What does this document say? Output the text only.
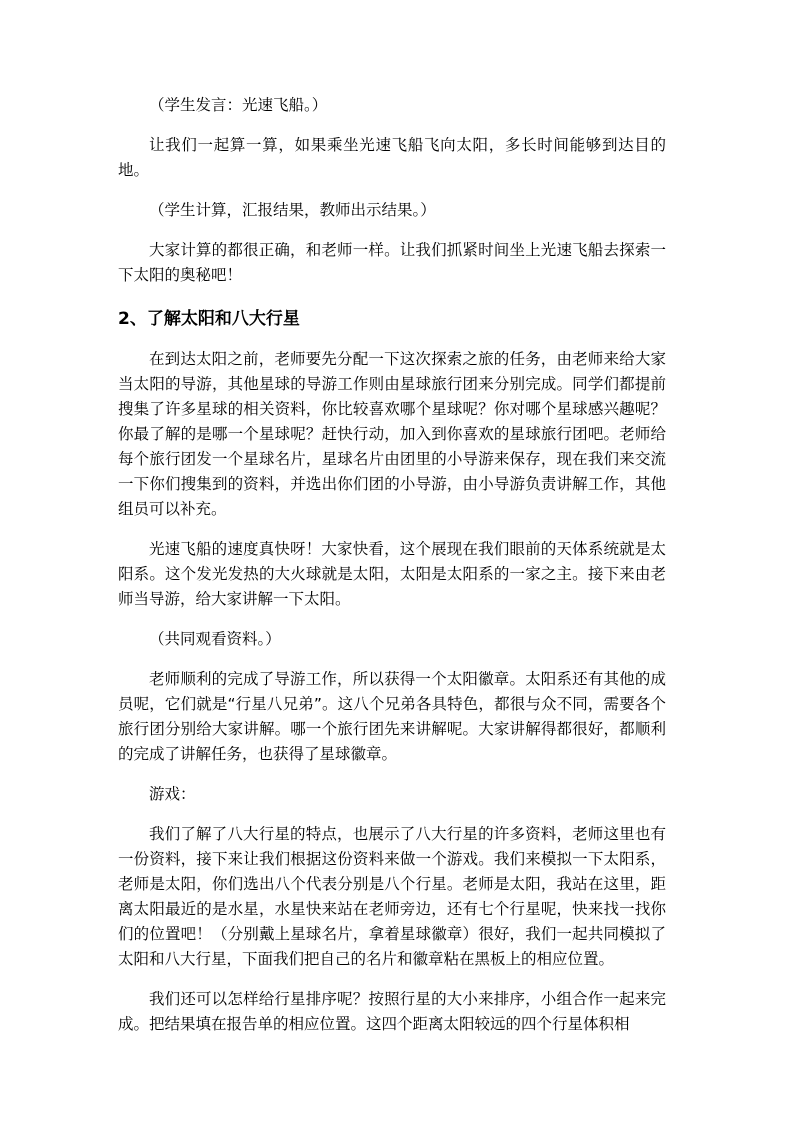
（学生发言：光速飞船。）

让我们一起算一算，如果乘坐光速飞船飞向太阳，多长时间能够到达目的地。

（学生计算，汇报结果，教师出示结果。）

大家计算的都很正确，和老师一样。让我们抓紧时间坐上光速飞船去探索一下太阳的奥秘吧！

2、了解太阳和八大行星

在到达太阳之前，老师要先分配一下这次探索之旅的任务，由老师来给大家当太阳的导游，其他星球的导游工作则由星球旅行团来分别完成。同学们都提前搜集了许多星球的相关资料，你比较喜欢哪个星球呢？你对哪个星球感兴趣呢？你最了解的是哪一个星球呢？赶快行动，加入到你喜欢的星球旅行团吧。老师给每个旅行团发一个星球名片，星球名片由团里的小导游来保存，现在我们来交流一下你们搜集到的资料，并选出你们团的小导游，由小导游负责讲解工作，其他组员可以补充。

光速飞船的速度真快呀！大家快看，这个展现在我们眼前的天体系统就是太阳系。这个发光发热的大火球就是太阳，太阳是太阳系的一家之主。接下来由老师当导游，给大家讲解一下太阳。

（共同观看资料。）

老师顺利的完成了导游工作，所以获得一个太阳徽章。太阳系还有其他的成员呢，它们就是“行星八兄弟”。这八个兄弟各具特色，都很与众不同，需要各个旅行团分别给大家讲解。哪一个旅行团先来讲解呢。大家讲解得都很好，都顺利的完成了讲解任务，也获得了星球徽章。

游戏：

我们了解了八大行星的特点，也展示了八大行星的许多资料，老师这里也有一份资料，接下来让我们根据这份资料来做一个游戏。我们来模拟一下太阳系，老师是太阳，你们选出八个代表分别是八个行星。老师是太阳，我站在这里，距离太阳最近的是水星，水星快来站在老师旁边，还有七个行星呢，快来找一找你们的位置吧！（分别戴上星球名片，拿着星球徽章）很好，我们一起共同模拟了太阳和八大行星，下面我们把自己的名片和徽章粘在黑板上的相应位置。

我们还可以怎样给行星排序呢？按照行星的大小来排序，小组合作一起来完成。把结果填在报告单的相应位置。这四个距离太阳较远的四个行星体积相
